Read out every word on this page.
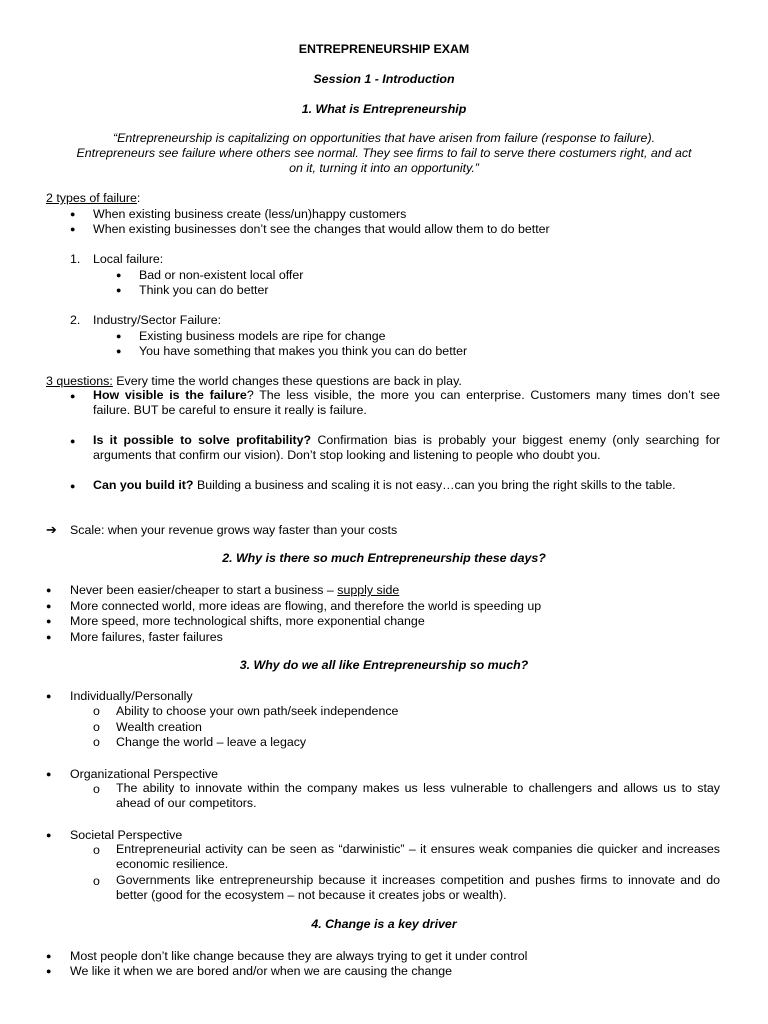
ENTREPRENEURSHIP EXAM
Session 1 - Introduction
1. What is Entrepreneurship
“Entrepreneurship is capitalizing on opportunities that have arisen from failure (response to failure).
Entrepreneurs see failure where others see normal. They see firms to fail to serve there costumers right, and act
on it, turning it into an opportunity.”
2 types of failure:
● When existing business create (less/un)happy customers
● When existing businesses don’t see the changes that would allow them to do better
1. Local failure:
● Bad or non-existent local offer
● Think you can do better
2. Industry/Sector Failure:
● Existing business models are ripe for change
● You have something that makes you think you can do better
3 questions: Every time the world changes these questions are back in play.
● How visible is the failure? The less visible, the more you can enterprise. Customers many times don’t see failure. BUT be careful to ensure it really is failure.
● Is it possible to solve profitability? Confirmation bias is probably your biggest enemy (only searching for arguments that confirm our vision). Don’t stop looking and listening to people who doubt you.
● Can you build it? Building a business and scaling it is not easy…can you bring the right skills to the table.
➔ Scale: when your revenue grows way faster than your costs
2. Why is there so much Entrepreneurship these days?
● Never been easier/cheaper to start a business – supply side
● More connected world, more ideas are flowing, and therefore the world is speeding up
● More speed, more technological shifts, more exponential change
● More failures, faster failures
3. Why do we all like Entrepreneurship so much?
● Individually/Personally
o Ability to choose your own path/seek independence
o Wealth creation
o Change the world – leave a legacy
● Organizational Perspective
o The ability to innovate within the company makes us less vulnerable to challengers and allows us to stay ahead of our competitors.
● Societal Perspective
o Entrepreneurial activity can be seen as “darwinistic” – it ensures weak companies die quicker and increases economic resilience.
o Governments like entrepreneurship because it increases competition and pushes firms to innovate and do better (good for the ecosystem – not because it creates jobs or wealth).
4. Change is a key driver
● Most people don’t like change because they are always trying to get it under control
● We like it when we are bored and/or when we are causing the change
